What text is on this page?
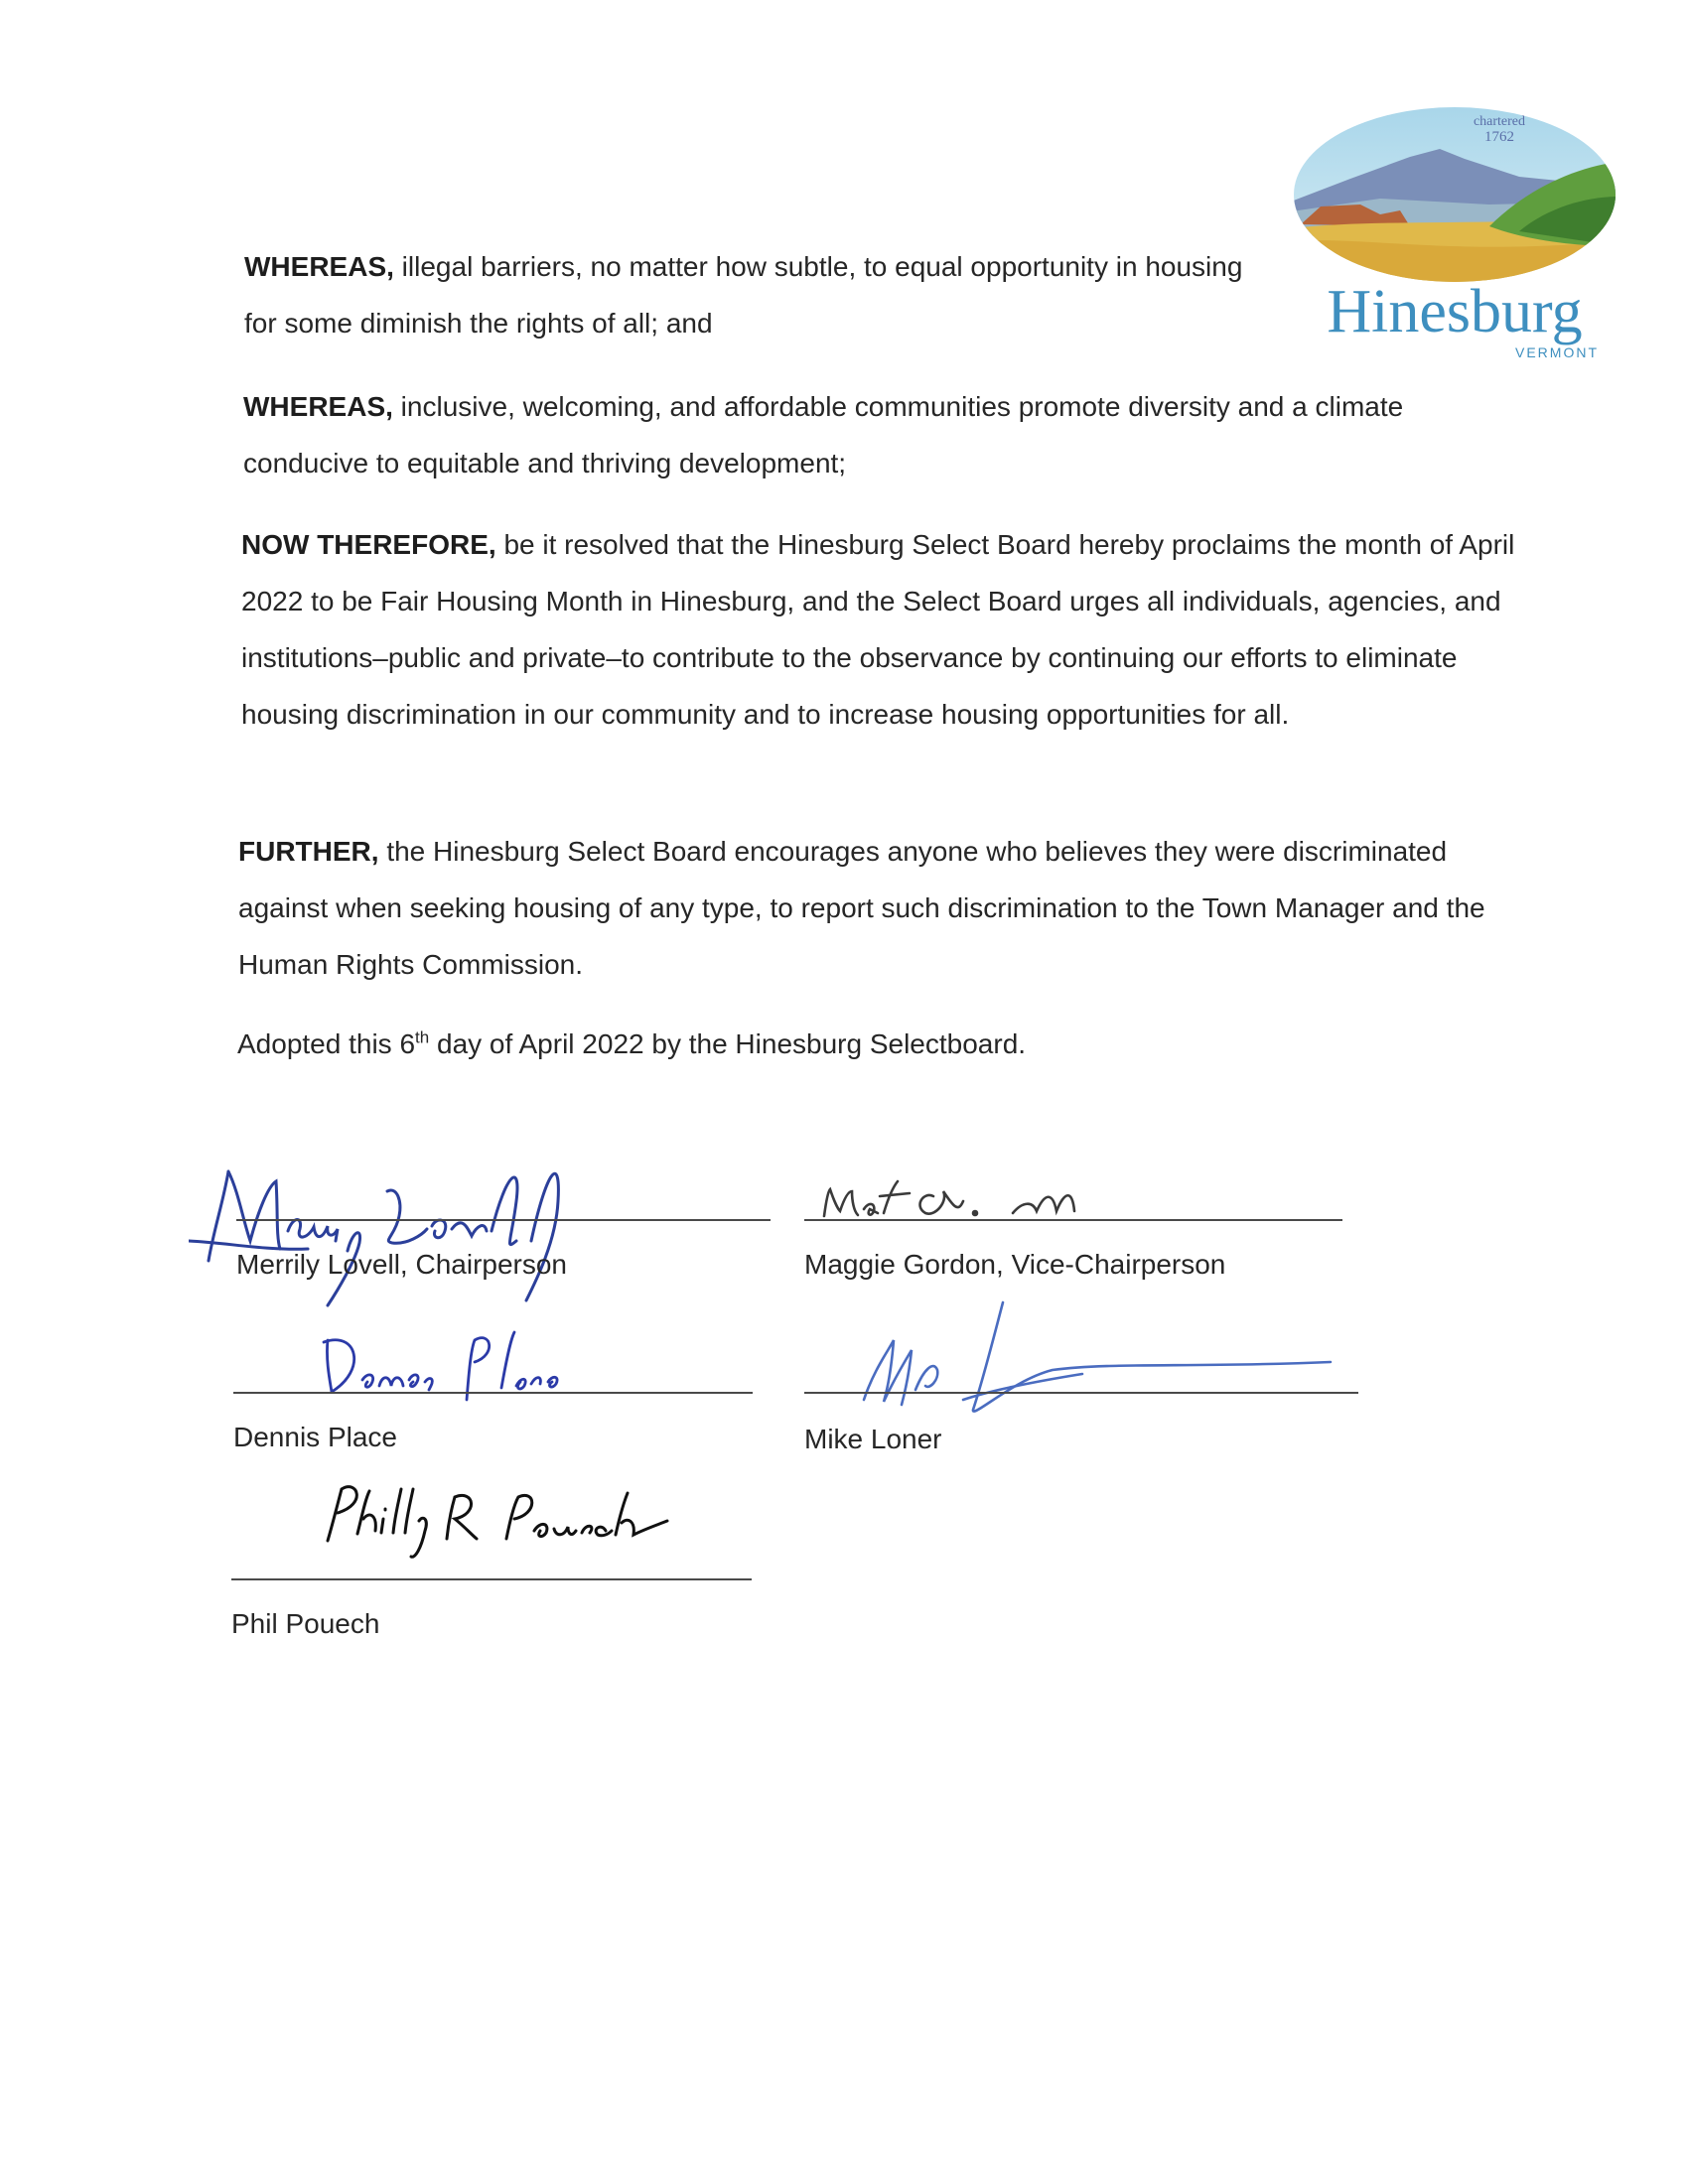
chartered
1762
Hinesburg
VERMONT

WHEREAS, illegal barriers, no matter how subtle, to equal opportunity in housing for some diminish the rights of all; and

WHEREAS, inclusive, welcoming, and affordable communities promote diversity and a climate conducive to equitable and thriving development;

NOW THEREFORE, be it resolved that the Hinesburg Select Board hereby proclaims the month of April 2022 to be Fair Housing Month in Hinesburg, and the Select Board urges all individuals, agencies, and institutions–public and private–to contribute to the observance by continuing our efforts to eliminate housing discrimination in our community and to increase housing opportunities for all.

FURTHER, the Hinesburg Select Board encourages anyone who believes they were discriminated against when seeking housing of any type, to report such discrimination to the Town Manager and the Human Rights Commission.

Adopted this 6th day of April 2022 by the Hinesburg Selectboard.

Merrily Lovell, Chairperson	Maggie Gordon, Vice-Chairperson

Dennis Place	Mike Loner

Phil Pouech
